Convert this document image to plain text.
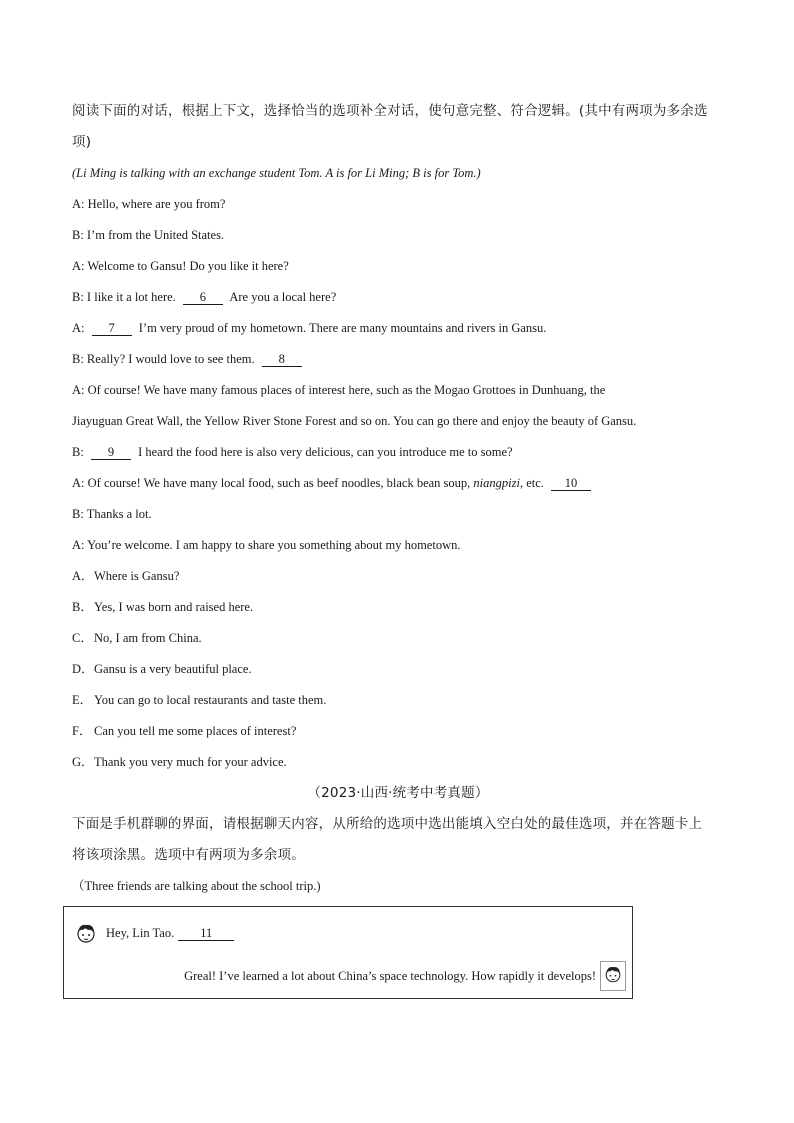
阅读下面的对话，根据上下文，选择恰当的选项补全对话，使句意完整、符合逻辑。(其中有两项为多余选
项)
(Li Ming is talking with an exchange student Tom. A is for Li Ming; B is for Tom.)
A: Hello, where are you from?
B: I’m from the United States.
A: Welcome to Gansu! Do you like it here?
B: I like it a lot here. 6 Are you a local here?
A: 7 I’m very proud of my hometown. There are many mountains and rivers in Gansu.
B: Really? I would love to see them. 8
A: Of course! We have many famous places of interest here, such as the Mogao Grottoes in Dunhuang, the
Jiayuguan Great Wall, the Yellow River Stone Forest and so on. You can go there and enjoy the beauty of Gansu.
B: 9 I heard the food here is also very delicious, can you introduce me to some?
A: Of course! We have many local food, such as beef noodles, black bean soup, niangpizi, etc. 10
B: Thanks a lot.
A: You’re welcome. I am happy to share you something about my hometown.
A．Where is Gansu?
B．Yes, I was born and raised here.
C．No, I am from China.
D．Gansu is a very beautiful place.
E． You can go to local restaurants and taste them.
F． Can you tell me some places of interest?
G．Thank you very much for your advice.
（2023·山西·统考中考真题）
下面是手机群聊的界面，请根据聊天内容，从所给的选项中选出能填入空白处的最佳选项，并在答题卡上
将该项涂黑。选项中有两项为多余项。
（Three friends are talking about the school trip.)
Hey, Lin Tao.	11
Greal! I’ve learned a lot about China’s space technology. How rapidly it develops!
